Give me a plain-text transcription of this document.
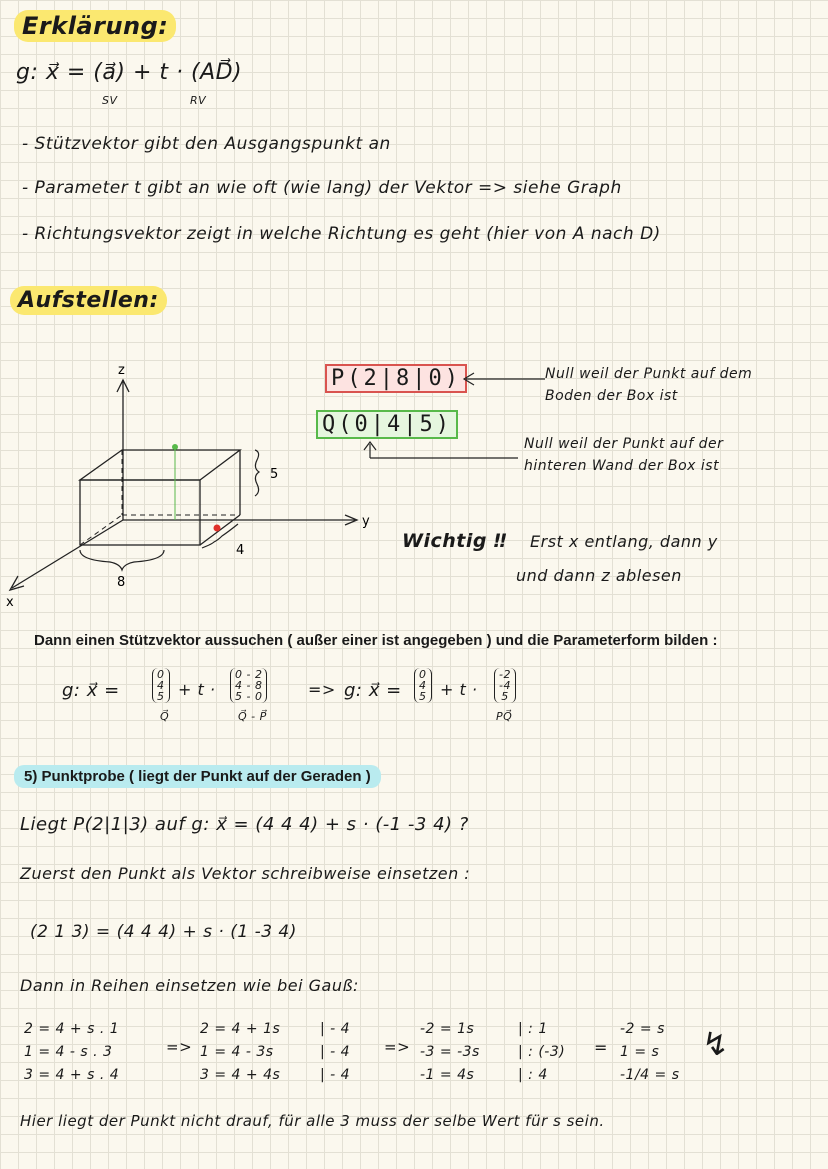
Erklärung:
g: x⃗ = (a⃗) + t · (AD⃗)
SV	RV
- Stützvektor gibt den Ausgangspunkt an
- Parameter t gibt an wie oft (wie lang) der Vektor => siehe Graph
- Richtungsvektor zeigt in welche Richtung es geht (hier von A nach D)
Aufstellen:
z
y
x
5
4
8
P(2|8|0)
Q(0|4|5)
Null weil der Punkt auf dem
Boden der Box ist
Null weil der Punkt auf der
hinteren Wand der Box ist
Wichtig ‼ Erst x entlang, dann y
und dann z ablesen
Dann einen Stützvektor aussuchen ( außer einer ist angegeben ) und die Parameterform bilden :
g: x⃗ =
0
4
5
Q⃗
+ t ·
0 - 2
4 - 8
5 - 0
Q⃗ - P⃗
=> g: x⃗ =
0
4
5 + t ·
-2
-4
5
PQ⃗
5) Punktprobe ( liegt der Punkt auf der Geraden )
Liegt P(2|1|3) auf g: x⃗ = (4 4 4) + s · (-1 -3 4) ?
Zuerst den Punkt als Vektor schreibweise einsetzen :
(2 1 3) = (4 4 4) + s · (1 -3 4)
Dann in Reihen einsetzen wie bei Gauß:
2 = 4 + s . 1
1 = 4 - s . 3
3 = 4 + s . 4
=>
2 = 4 + 1s
1 = 4 - 3s
3 = 4 + 4s
| - 4
| - 4
| - 4
=>
-2 = 1s
-3 = -3s
-1 = 4s
| : 1
| : (-3)
| : 4
=
-2 = s
1 = s
-1/4 = s
↯
Hier liegt der Punkt nicht drauf, für alle 3 muss der selbe Wert für s sein.
